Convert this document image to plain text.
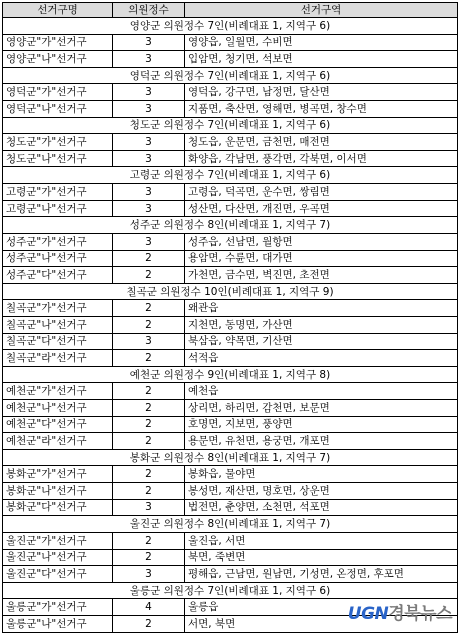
선거구명	의원정수	선거구역
영양군 의원정수 7인(비례대표 1, 지역구 6)		
영양군"가"선거구	3	영양읍, 일월면, 수비면
영양군"나"선거구	3	입암면, 청기면, 석보면
영덕군 의원정수 7인(비례대표 1, 지역구 6)		
영덕군"가"선거구	3	영덕읍, 강구면, 남정면, 달산면
영덕군"나"선거구	3	지품면, 축산면, 영해면, 병곡면, 창수면
청도군 의원정수 7인(비례대표 1, 지역구 6)		
청도군"가"선거구	3	청도읍, 운문면, 금천면, 매전면
청도군"나"선거구	3	화양읍, 각남면, 풍각면, 각북면, 이서면
고령군 의원정수 7인(비례대표 1, 지역구 6)		
고령군"가"선거구	3	고령읍, 덕곡면, 운수면, 쌍림면
고령군"나"선거구	3	성산면, 다산면, 개진면, 우곡면
성주군 의원정수 8인(비례대표 1, 지역구 7)		
성주군"가"선거구	3	성주읍, 선남면, 월항면
성주군"나"선거구	2	용암면, 수륜면, 대가면
성주군"다"선거구	2	가천면, 금수면, 벽진면, 초전면
칠곡군 의원정수 10인(비례대표 1, 지역구 9)		
칠곡군"가"선거구	2	왜관읍
칠곡군"나"선거구	2	지천면, 동명면, 가산면
칠곡군"다"선거구	3	북삼읍, 약목면, 기산면
칠곡군"라"선거구	2	석적읍
예천군 의원정수 9인(비례대표 1, 지역구 8)		
예천군"가"선거구	2	예천읍
예천군"나"선거구	2	상리면, 하리면, 감천면, 보문면
예천군"다"선거구	2	호명면, 지보면, 풍양면
예천군"라"선거구	2	용문면, 유천면, 용궁면, 개포면
봉화군 의원정수 8인(비례대표 1, 지역구 7)		
봉화군"가"선거구	2	봉화읍, 물야면
봉화군"나"선거구	2	봉성면, 재산면, 명호면, 상운면
봉화군"다"선거구	3	법전면, 춘양면, 소천면, 석포면
울진군 의원정수 8인(비례대표 1, 지역구 7)		
울진군"가"선거구	2	울진읍, 서면
울진군"나"선거구	2	북면, 죽변면
울진군"다"선거구	3	평해읍, 근남면, 원남면, 기성면, 온정면, 후포면
울릉군 의원정수 7인(비례대표 1, 지역구 6)		
울릉군"가"선거구	4	울릉읍
울릉군"나"선거구	2	서면, 북면	UGN경북뉴스
